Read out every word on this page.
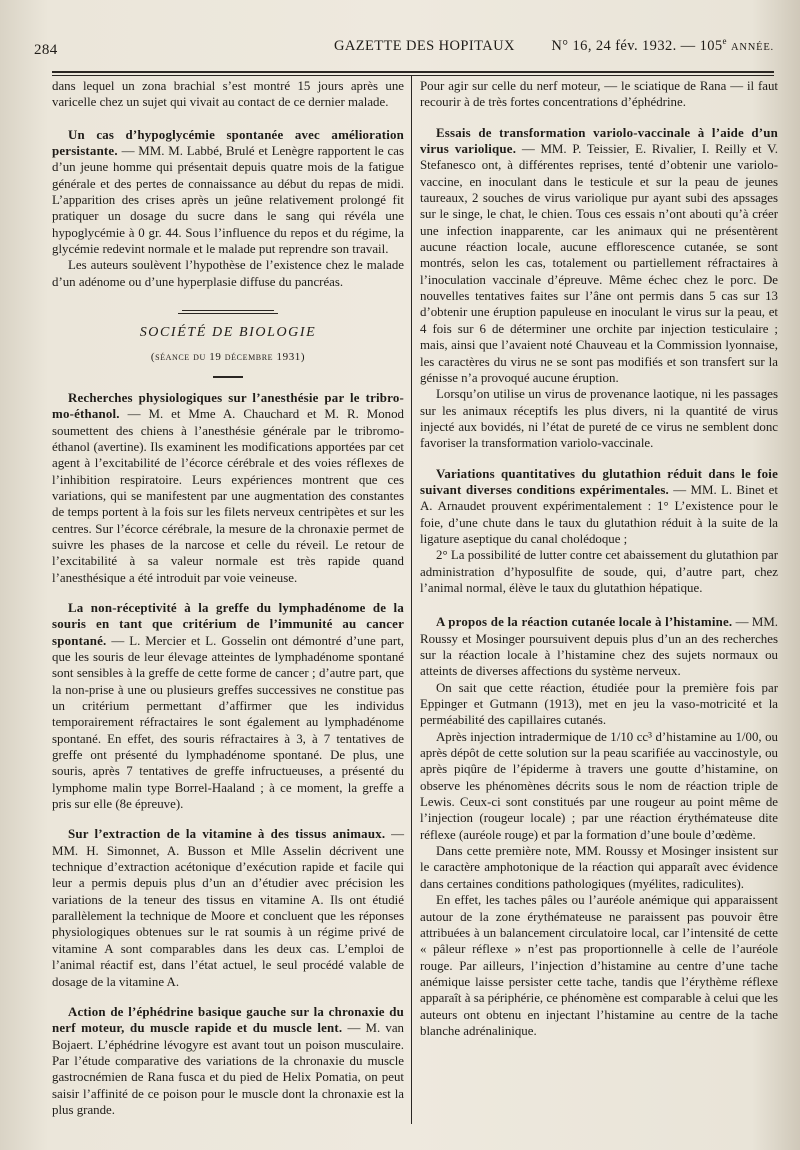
284	GAZETTE DES HOPITAUX	N° 16, 24 fév. 1932. — 105e ANNÉE.

dans lequel un zona brachial s’est montré 15 jours après une varicelle chez un sujet qui vivait au contact de ce dernier malade.

Un cas d’hypoglycémie spontanée avec amélioration persistante. — MM. M. Labbé, Brulé et Lenègre rapportent le cas d’un jeune homme qui présentait depuis quatre mois de la fatigue générale et des pertes de connaissance au début du repas de midi. L’apparition des crises après un jeûne relativement prolongé fit pratiquer un dosage du sucre dans le sang qui révéla une hypoglycémie à 0 gr. 44. Sous l’influence du repos et du régime, la glycémie redevint normale et le malade put reprendre son travail.

Les auteurs soulèvent l’hypothèse de l’existence chez le malade d’un adénome ou d’une hyperplasie diffuse du pancréas.

SOCIÉTÉ DE BIOLOGIE
(séance du 19 décembre 1931)

Recherches physiologiques sur l’anesthésie par le tribro-mo-éthanol. — M. et Mme A. Chauchard et M. R. Monod soumettent des chiens à l’anesthésie générale par le tribromo-éthanol (avertine). Ils examinent les modifications apportées par cet agent à l’excitabilité de l’écorce cérébrale et des voies réflexes de l’inhibition respiratoire. Leurs expériences montrent que ces variations, qui se manifestent par une augmentation des constantes de temps portent à la fois sur les filets nerveux centripètes et sur les centres. Sur l’écorce cérébrale, la mesure de la chronaxie permet de suivre les phases de la narcose et celle du réveil. Le retour de l’excitabilité à sa valeur normale est très rapide quand l’anesthésique a été introduit par voie veineuse.

La non-réceptivité à la greffe du lymphadénome de la souris en tant que critérium de l’immunité au cancer spontané. — L. Mercier et L. Gosselin ont démontré d’une part, que les souris de leur élevage atteintes de lymphadénome spontané sont sensibles à la greffe de cette forme de cancer ; d’autre part, que la non-prise à une ou plusieurs greffes successives ne constitue pas un critérium permettant d’affirmer que les individus temporairement réfractaires le sont également au lymphadénome spontané. En effet, des souris réfractaires à 3, à 7 tentatives de greffe ont présenté du lymphadénome spontané. De plus, une souris, après 7 tentatives de greffe infructueuses, a présenté du lymphome malin type Borrel-Haaland ; à ce moment, la greffe a pris sur elle (8e épreuve).

Sur l’extraction de la vitamine à des tissus animaux. — MM. H. Simonnet, A. Busson et Mlle Asselin décrivent une technique d’extraction acétonique d’exécution rapide et facile qui leur a permis depuis plus d’un an d’étudier avec précision les variations de la teneur des tissus en vitamine A. Ils ont étudié parallèlement la technique de Moore et concluent que les réponses physiologiques obtenues sur le rat soumis à un régime privé de vitamine A sont comparables dans les deux cas. L’emploi de l’animal réactif est, dans l’état actuel, le seul procédé valable de dosage de la vitamine A.

Action de l’éphédrine basique gauche sur la chronaxie du nerf moteur, du muscle rapide et du muscle lent. — M. van Bojaert. L’éphédrine lévogyre est avant tout un poison musculaire. Par l’étude comparative des variations de la chronaxie du muscle gastrocnémien de Rana fusca et du pied de Helix Pomatia, on peut saisir l’affinité de ce poison pour le muscle dont la chronaxie est la plus grande.

Pour agir sur celle du nerf moteur, — le sciatique de Rana — il faut recourir à de très fortes concentrations d’éphédrine.

Essais de transformation variolo-vaccinale à l’aide d’un virus variolique. — MM. P. Teissier, E. Rivalier, I. Reilly et V. Stefanesco ont, à différentes reprises, tenté d’obtenir une variolo-vaccine, en inoculant dans le testicule et sur la peau de jeunes taureaux, 2 souches de virus variolique pur ayant subi des apssages sur le singe, le chat, le chien. Tous ces essais n’ont abouti qu’à créer une infection inapparente, car les animaux qui ne présentèrent aucune réaction locale, aucune efflorescence cutanée, se sont montrés, selon les cas, totalement ou partiellement réfractaires à l’inoculation vaccinale d’épreuve. Même échec chez le porc. De nouvelles tentatives faites sur l’âne ont permis dans 5 cas sur 13 d’obtenir une éruption papuleuse en inoculant le virus sur la peau, et 4 fois sur 6 de déterminer une orchite par injection testiculaire ; mais, ainsi que l’avaient noté Chauveau et la Commission lyonnaise, les caractères du virus ne se sont pas modifiés et son transfert sur la génisse n’a provoqué aucune éruption.

Lorsqu’on utilise un virus de provenance laotique, ni les passages sur les animaux réceptifs les plus divers, ni la quantité de virus injecté aux bovidés, ni l’état de pureté de ce virus ne semblent donc favoriser la transformation variolo-vaccinale.

Variations quantitatives du glutathion réduit dans le foie suivant diverses conditions expérimentales. — MM. L. Binet et A. Arnaudet prouvent expérimentalement : 1° L’existence pour le foie, d’une chute dans le taux du glutathion réduit à la suite de la ligature aseptique du canal cholédoque ;

2° La possibilité de lutter contre cet abaissement du glutathion par administration d’hyposulfite de soude, qui, d’autre part, chez l’animal normal, élève le taux du glutathion hépatique.

A propos de la réaction cutanée locale à l’histamine. — MM. Roussy et Mosinger poursuivent depuis plus d’un an des recherches sur la réaction locale à l’histamine chez des sujets normaux ou atteints de diverses affections du système nerveux.

On sait que cette réaction, étudiée pour la première fois par Eppinger et Gutmann (1913), met en jeu la vaso-motricité et la perméabilité des capillaires cutanés.

Après injection intradermique de 1/10 cc³ d’histamine au 1/00, ou après dépôt de cette solution sur la peau scarifiée au vaccinostyle, ou après piqûre de l’épiderme à travers une goutte d’histamine, on observe les phénomènes décrits sous le nom de réaction triple de Lewis. Ceux-ci sont constitués par une rougeur au point même de l’injection (rougeur locale) ; par une réaction érythémateuse dite réflexe (auréole rouge) et par la formation d’une boule d’œdème.

Dans cette première note, MM. Roussy et Mosinger insistent sur le caractère amphotonique de la réaction qui apparaît avec évidence dans certaines conditions pathologiques (myélites, radiculites).

En effet, les taches pâles ou l’auréole anémique qui apparaissent autour de la zone érythémateuse ne paraissent pas pouvoir être attribuées à un balancement circulatoire local, car l’intensité de cette « pâleur réflexe » n’est pas proportionnelle à celle de l’auréole rouge. Par ailleurs, l’injection d’histamine au centre d’une tache anémique laisse persister cette tache, tandis que l’érythème réflexe apparaît à sa périphérie, ce phénomène est comparable à celui que les auteurs ont obtenu en injectant l’histamine au centre de la tache blanche adrénalinique.
